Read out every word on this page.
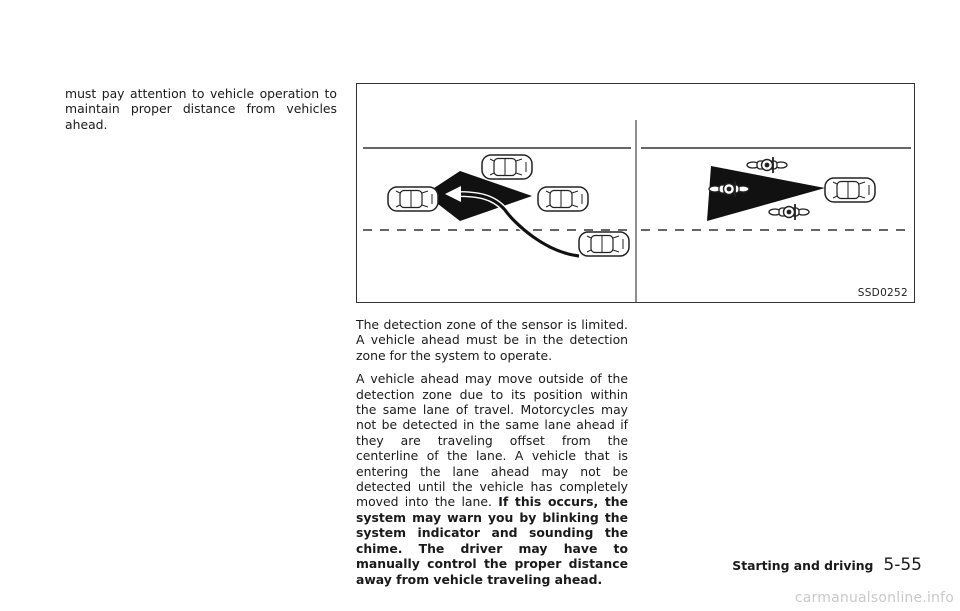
must pay attention to vehicle operation to maintain proper distance from vehicles ahead.
SSD0252

The detection zone of the sensor is limited. A vehicle ahead must be in the detection zone for the system to operate.

A vehicle ahead may move outside of the detection zone due to its position within the same lane of travel. Motorcycles may not be detected in the same lane ahead if they are traveling offset from the centerline of the lane. A vehicle that is entering the lane ahead may not be detected until the vehicle has completely moved into the lane. If this occurs, the system may warn you by blinking the system indicator and sounding the chime. The driver may have to manually control the proper distance away from vehicle traveling ahead.

Starting and driving 5-55
carmanualsonline.info
